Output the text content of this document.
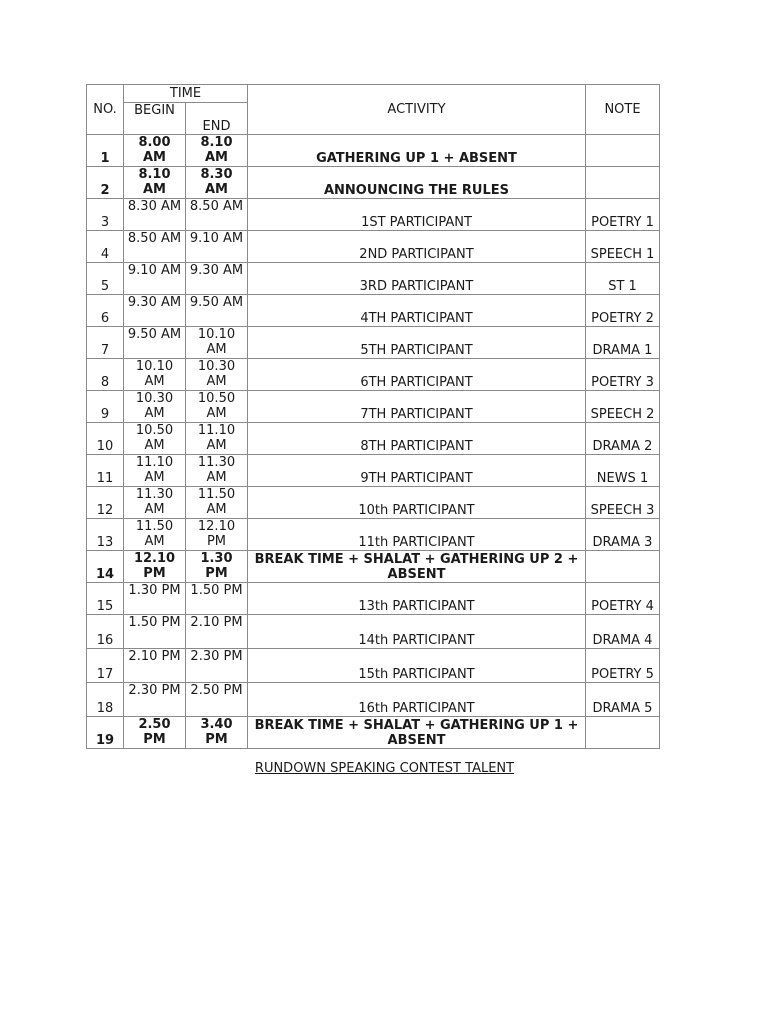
NO.	TIME		ACTIVITY	NOTE
	BEGIN	END		
1	8.00 AM	8.10 AM	GATHERING UP 1 + ABSENT	
2	8.10 AM	8.30 AM	ANNOUNCING THE RULES	
3	8.30 AM	8.50 AM	1ST PARTICIPANT	POETRY 1
4	8.50 AM	9.10 AM	2ND PARTICIPANT	SPEECH 1
5	9.10 AM	9.30 AM	3RD PARTICIPANT	ST 1
6	9.30 AM	9.50 AM	4TH PARTICIPANT	POETRY 2
7	9.50 AM	10.10 AM	5TH PARTICIPANT	DRAMA 1
8	10.10 AM	10.30 AM	6TH PARTICIPANT	POETRY 3
9	10.30 AM	10.50 AM	7TH PARTICIPANT	SPEECH 2
10	10.50 AM	11.10 AM	8TH PARTICIPANT	DRAMA 2
11	11.10 AM	11.30 AM	9TH PARTICIPANT	NEWS 1
12	11.30 AM	11.50 AM	10th PARTICIPANT	SPEECH 3
13	11.50 AM	12.10 PM	11th PARTICIPANT	DRAMA 3
14	12.10 PM	1.30 PM	BREAK TIME + SHALAT + GATHERING UP 2 + ABSENT	
15	1.30 PM	1.50 PM	13th PARTICIPANT	POETRY 4
16	1.50 PM	2.10 PM	14th PARTICIPANT	DRAMA 4
17	2.10 PM	2.30 PM	15th PARTICIPANT	POETRY 5
18	2.30 PM	2.50 PM	16th PARTICIPANT	DRAMA 5
19	2.50 PM	3.40 PM	BREAK TIME + SHALAT + GATHERING UP 1 + ABSENT	
RUNDOWN SPEAKING CONTEST TALENT
